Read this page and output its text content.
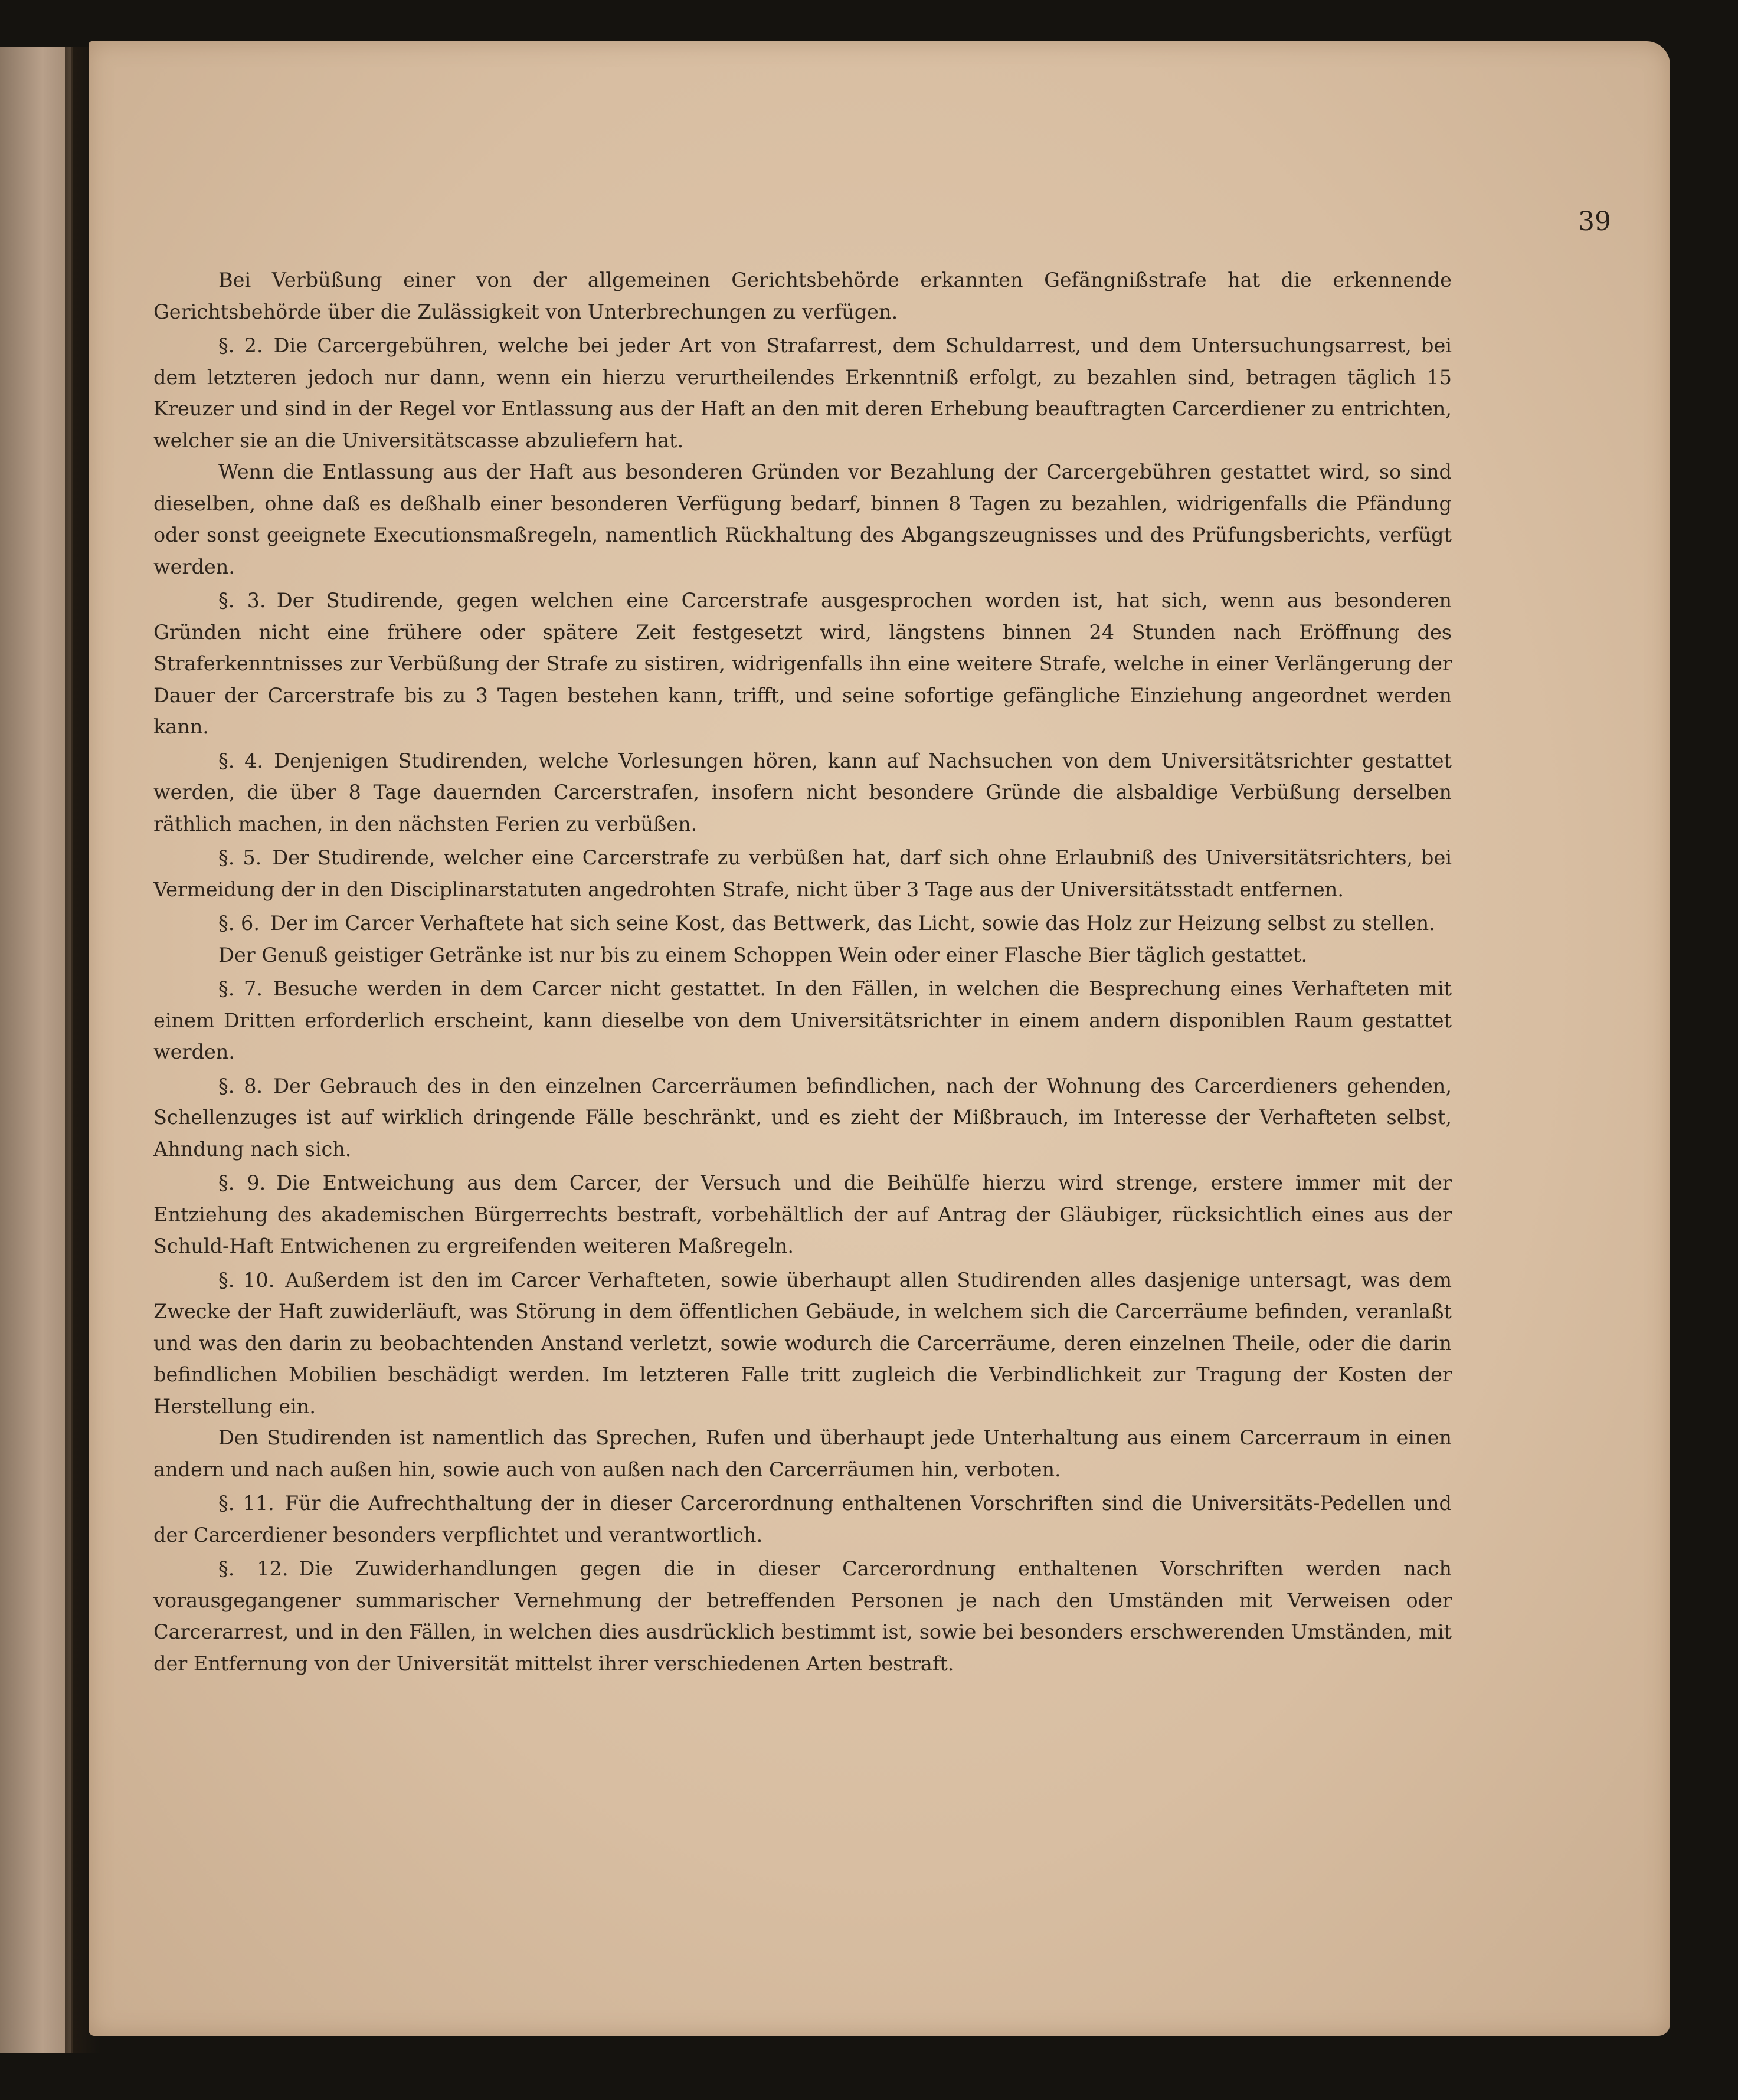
39

Bei Verbüßung einer von der allgemeinen Gerichtsbehörde erkannten Gefängnißstrafe hat die erkennende Gerichtsbehörde über die Zulässigkeit von Unterbrechungen zu verfügen.

§. 2. Die Carcergebühren, welche bei jeder Art von Strafarrest, dem Schuldarrest, und dem Untersuchungsarrest, bei dem letzteren jedoch nur dann, wenn ein hierzu verurtheilendes Erkenntniß erfolgt, zu bezahlen sind, betragen täglich 15 Kreuzer und sind in der Regel vor Entlassung aus der Haft an den mit deren Erhebung beauftragten Carcerdiener zu entrichten, welcher sie an die Universitätscasse abzuliefern hat.

Wenn die Entlassung aus der Haft aus besonderen Gründen vor Bezahlung der Carcergebühren gestattet wird, so sind dieselben, ohne daß es deßhalb einer besonderen Verfügung bedarf, binnen 8 Tagen zu bezahlen, widrigenfalls die Pfändung oder sonst geeignete Executionsmaßregeln, namentlich Rückhaltung des Abgangszeugnisses und des Prüfungsberichts, verfügt werden.

§. 3. Der Studirende, gegen welchen eine Carcerstrafe ausgesprochen worden ist, hat sich, wenn aus besonderen Gründen nicht eine frühere oder spätere Zeit festgesetzt wird, längstens binnen 24 Stunden nach Eröffnung des Straferkenntnisses zur Verbüßung der Strafe zu sistiren, widrigenfalls ihn eine weitere Strafe, welche in einer Verlängerung der Dauer der Carcerstrafe bis zu 3 Tagen bestehen kann, trifft, und seine sofortige gefängliche Einziehung angeordnet werden kann.

§. 4. Denjenigen Studirenden, welche Vorlesungen hören, kann auf Nachsuchen von dem Universitätsrichter gestattet werden, die über 8 Tage dauernden Carcerstrafen, insofern nicht besondere Gründe die alsbaldige Verbüßung derselben räthlich machen, in den nächsten Ferien zu verbüßen.

§. 5. Der Studirende, welcher eine Carcerstrafe zu verbüßen hat, darf sich ohne Erlaubniß des Universitätsrichters, bei Vermeidung der in den Disciplinarstatuten angedrohten Strafe, nicht über 3 Tage aus der Universitätsstadt entfernen.

§. 6. Der im Carcer Verhaftete hat sich seine Kost, das Bettwerk, das Licht, sowie das Holz zur Heizung selbst zu stellen.

Der Genuß geistiger Getränke ist nur bis zu einem Schoppen Wein oder einer Flasche Bier täglich gestattet.

§. 7. Besuche werden in dem Carcer nicht gestattet. In den Fällen, in welchen die Besprechung eines Verhafteten mit einem Dritten erforderlich erscheint, kann dieselbe von dem Universitätsrichter in einem andern disponiblen Raum gestattet werden.

§. 8. Der Gebrauch des in den einzelnen Carcerräumen befindlichen, nach der Wohnung des Carcerdieners gehenden, Schellenzuges ist auf wirklich dringende Fälle beschränkt, und es zieht der Mißbrauch, im Interesse der Verhafteten selbst, Ahndung nach sich.

§. 9. Die Entweichung aus dem Carcer, der Versuch und die Beihülfe hierzu wird strenge, erstere immer mit der Entziehung des akademischen Bürgerrechts bestraft, vorbehältlich der auf Antrag der Gläubiger, rücksichtlich eines aus der Schuld-Haft Entwichenen zu ergreifenden weiteren Maßregeln.

§. 10. Außerdem ist den im Carcer Verhafteten, sowie überhaupt allen Studirenden alles dasjenige untersagt, was dem Zwecke der Haft zuwiderläuft, was Störung in dem öffentlichen Gebäude, in welchem sich die Carcerräume befinden, veranlaßt und was den darin zu beobachtenden Anstand verletzt, sowie wodurch die Carcerräume, deren einzelnen Theile, oder die darin befindlichen Mobilien beschädigt werden. Im letzteren Falle tritt zugleich die Verbindlichkeit zur Tragung der Kosten der Herstellung ein.

Den Studirenden ist namentlich das Sprechen, Rufen und überhaupt jede Unterhaltung aus einem Carcerraum in einen andern und nach außen hin, sowie auch von außen nach den Carcerräumen hin, verboten.

§. 11. Für die Aufrechthaltung der in dieser Carcerordnung enthaltenen Vorschriften sind die Universitäts-Pedellen und der Carcerdiener besonders verpflichtet und verantwortlich.

§. 12. Die Zuwiderhandlungen gegen die in dieser Carcerordnung enthaltenen Vorschriften werden nach vorausgegangener summarischer Vernehmung der betreffenden Personen je nach den Umständen mit Verweisen oder Carcerarrest, und in den Fällen, in welchen dies ausdrücklich bestimmt ist, sowie bei besonders erschwerenden Umständen, mit der Entfernung von der Universität mittelst ihrer verschiedenen Arten bestraft.
